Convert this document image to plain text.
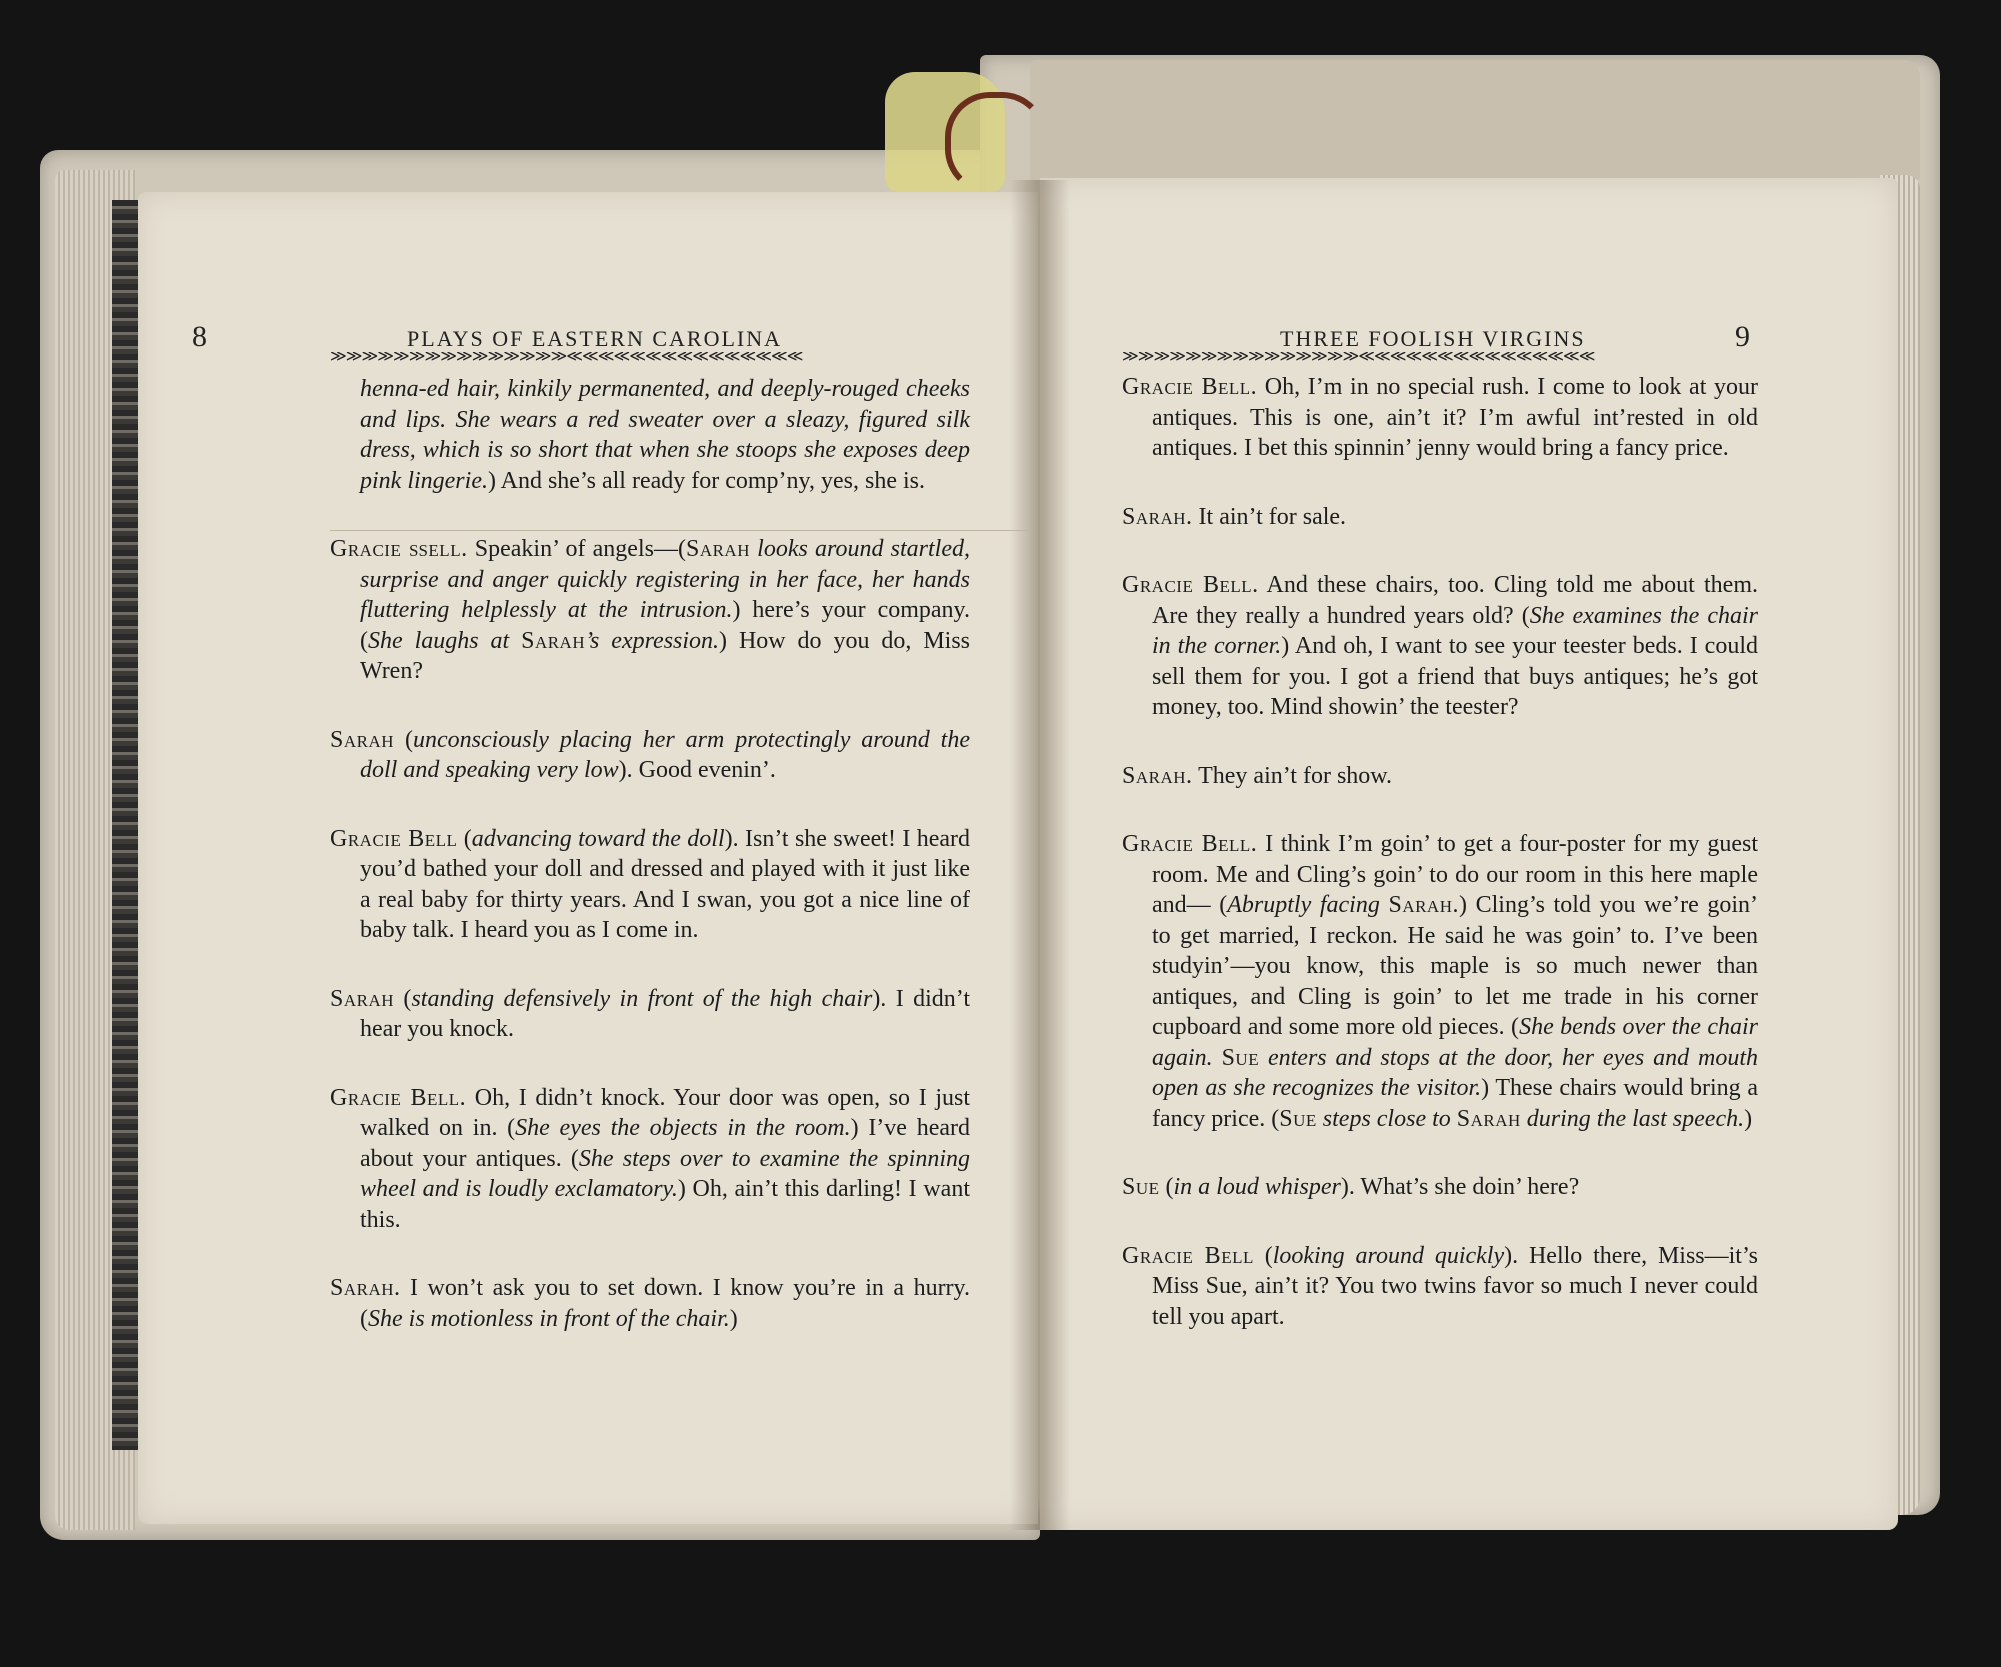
8	PLAYS OF EASTERN CAROLINA
≫≫≫≫≫≫≫≫≫≫≫≫≫≫≫≪≪≪≪≪≪≪≪≪≪≪≪≪≪≪

henna-ed hair, kinkily permanented, and deeply-rouged cheeks and lips. She wears a red sweater over a sleazy, figured silk dress, which is so short that when she stoops she exposes deep pink lingerie.) And she’s all ready for comp’ny, yes, she is.

Gracie ßell. Speakin’ of angels—(Sarah looks around startled, surprise and anger quickly registering in her face, her hands fluttering helplessly at the intrusion.) here’s your company. (She laughs at Sarah’s expression.) How do you do, Miss Wren?

Sarah (unconsciously placing her arm protectingly around the doll and speaking very low). Good evenin’.

Gracie Bell (advancing toward the doll). Isn’t she sweet! I heard you’d bathed your doll and dressed and played with it just like a real baby for thirty years. And I swan, you got a nice line of baby talk. I heard you as I come in.

Sarah (standing defensively in front of the high chair). I didn’t hear you knock.

Gracie Bell. Oh, I didn’t knock. Your door was open, so I just walked on in. (She eyes the objects in the room.) I’ve heard about your antiques. (She steps over to examine the spinning wheel and is loudly exclamatory.) Oh, ain’t this darling! I want this.

Sarah. I won’t ask you to set down. I know you’re in a hurry. (She is motionless in front of the chair.)

THREE FOOLISH VIRGINS	9
≫≫≫≫≫≫≫≫≫≫≫≫≫≫≫≪≪≪≪≪≪≪≪≪≪≪≪≪≪≪

Gracie Bell. Oh, I’m in no special rush. I come to look at your antiques. This is one, ain’t it? I’m awful int’rested in old antiques. I bet this spinnin’ jenny would bring a fancy price.

Sarah. It ain’t for sale.

Gracie Bell. And these chairs, too. Cling told me about them. Are they really a hundred years old? (She examines the chair in the corner.) And oh, I want to see your teester beds. I could sell them for you. I got a friend that buys antiques; he’s got money, too. Mind showin’ the teester?

Sarah. They ain’t for show.

Gracie Bell. I think I’m goin’ to get a four-poster for my guest room. Me and Cling’s goin’ to do our room in this here maple and— (Abruptly facing Sarah.) Cling’s told you we’re goin’ to get married, I reckon. He said he was goin’ to. I’ve been studyin’—you know, this maple is so much newer than antiques, and Cling is goin’ to let me trade in his corner cupboard and some more old pieces. (She bends over the chair again. Sue enters and stops at the door, her eyes and mouth open as she recognizes the visitor.) These chairs would bring a fancy price. (Sue steps close to Sarah during the last speech.)

Sue (in a loud whisper). What’s she doin’ here?

Gracie Bell (looking around quickly). Hello there, Miss—it’s Miss Sue, ain’t it? You two twins favor so much I never could tell you apart.
